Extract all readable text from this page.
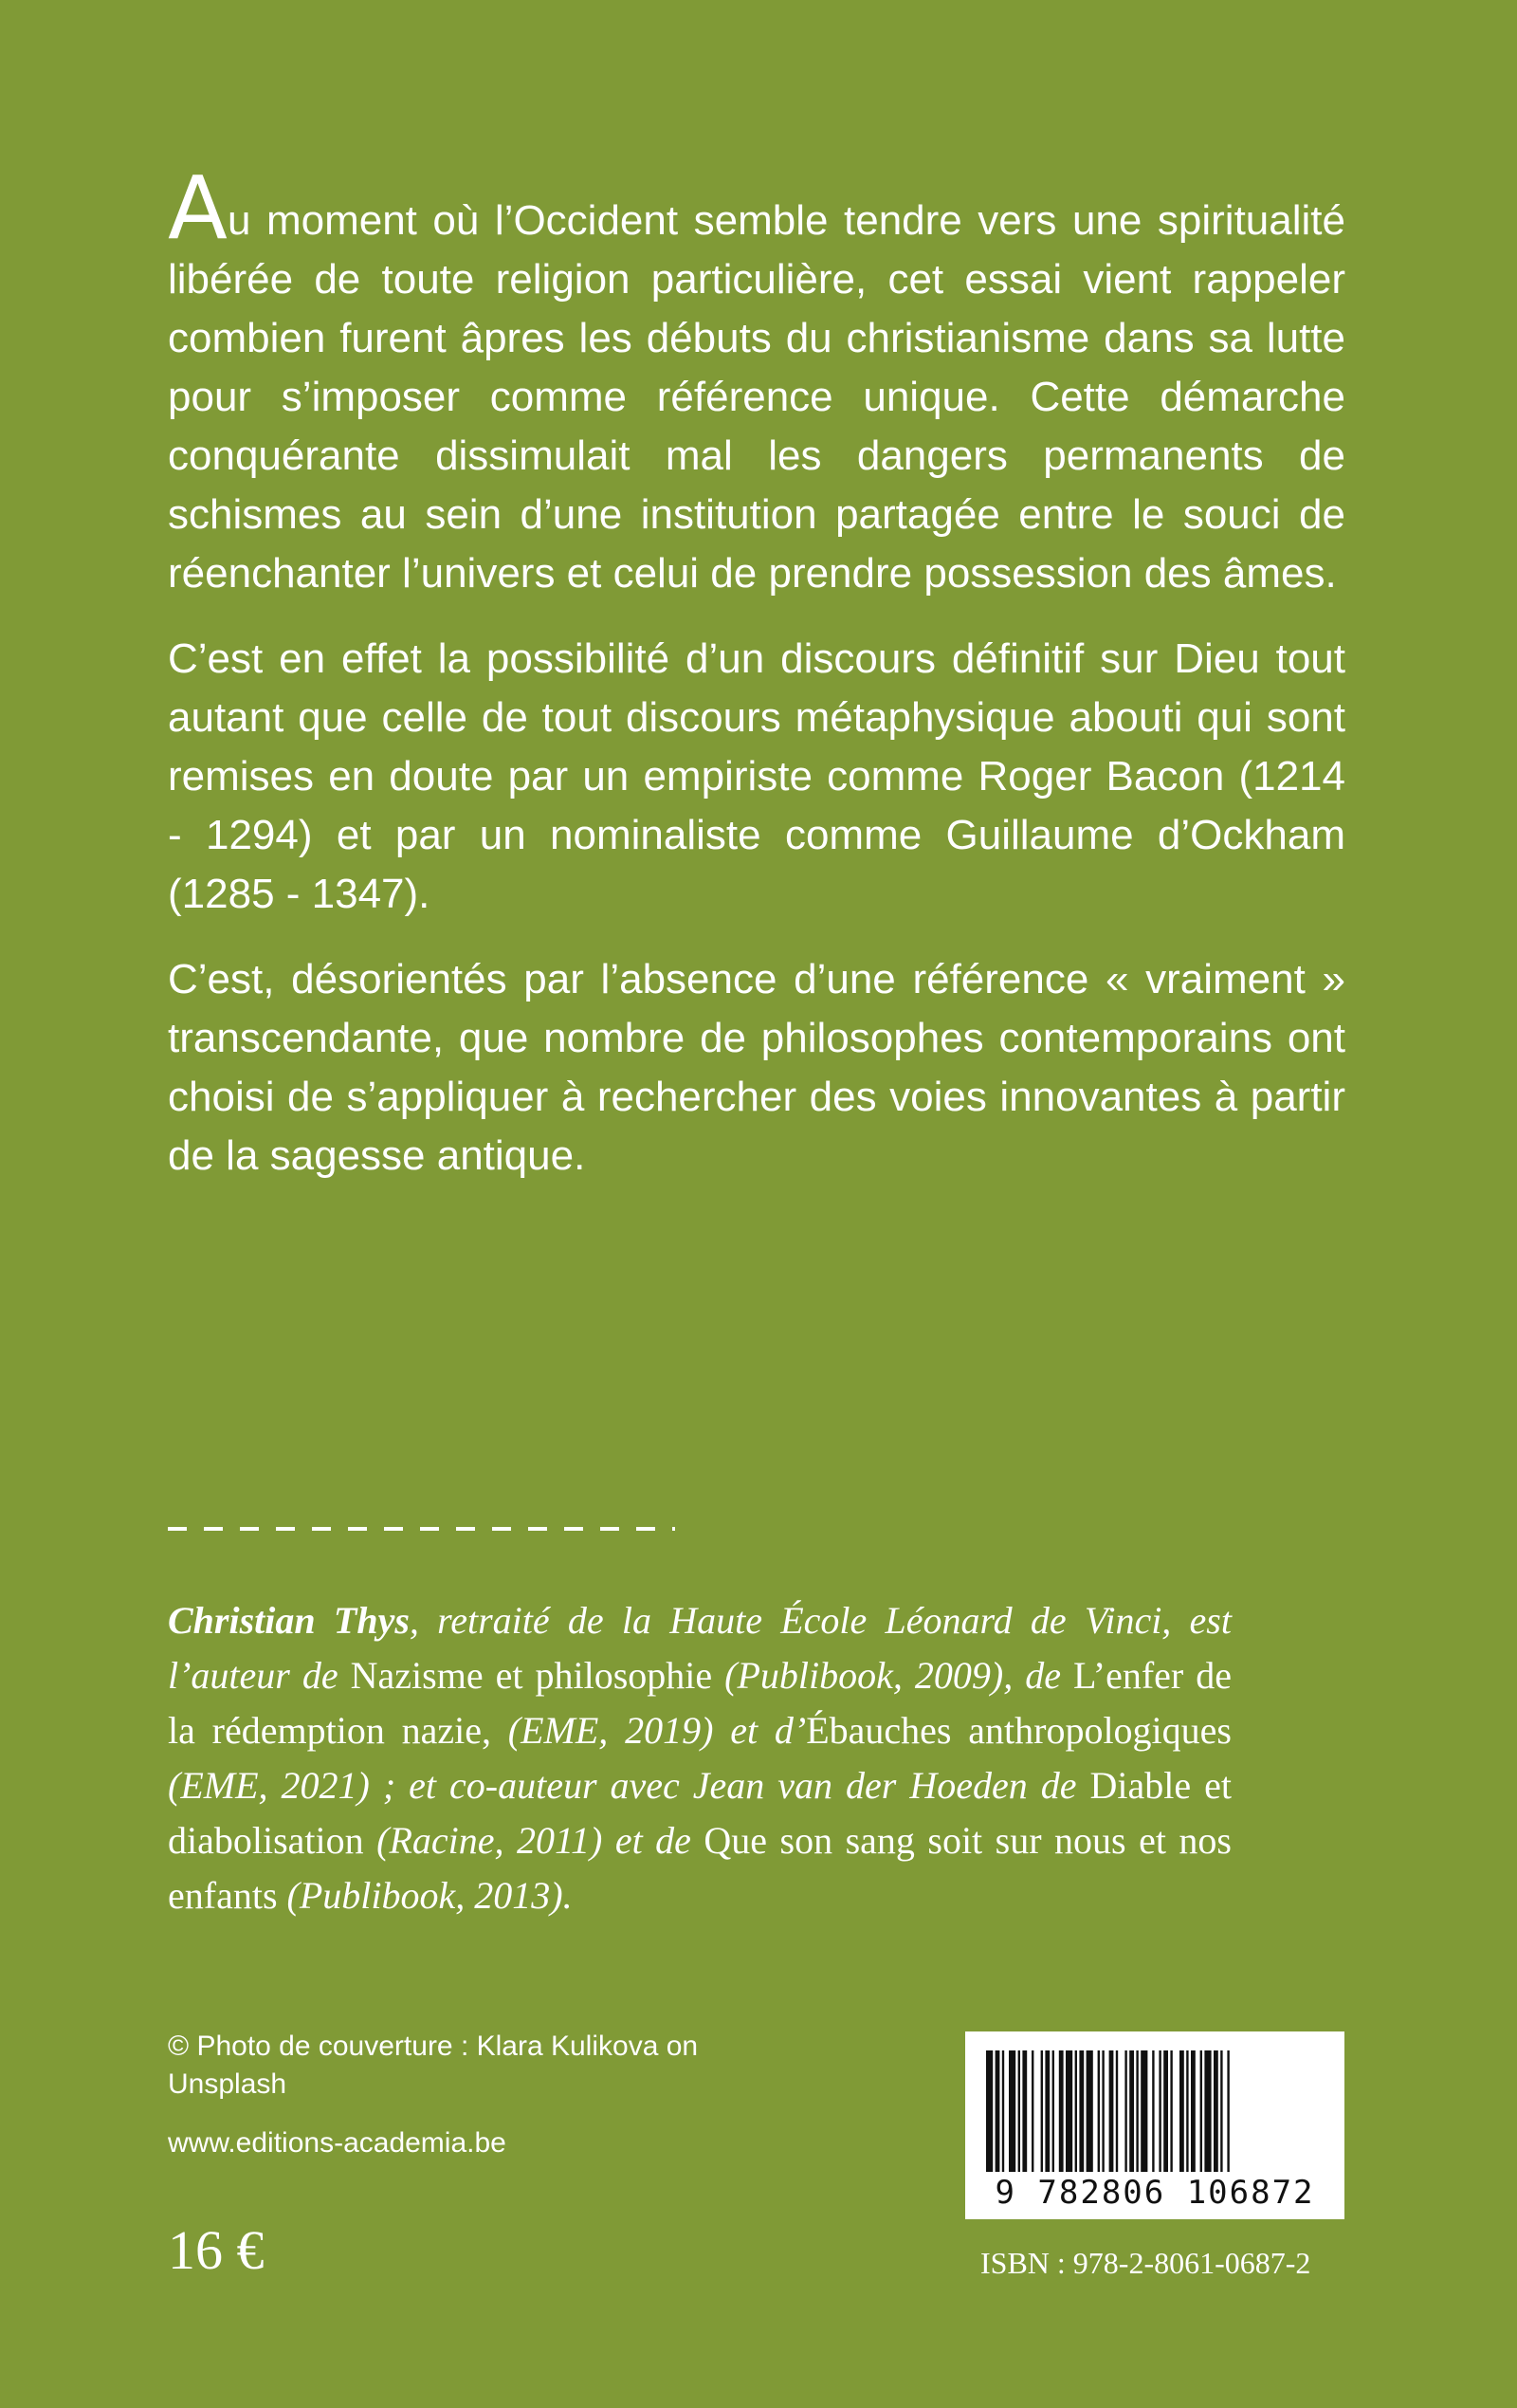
Au moment où l’Occident semble tendre vers une spiritualité libérée de toute religion particulière, cet essai vient rappeler combien furent âpres les débuts du christianisme dans sa lutte pour s’imposer comme référence unique. Cette démarche conquérante dissimulait mal les dangers permanents de schismes au sein d’une institution partagée entre le souci de réenchanter l’univers et celui de prendre possession des âmes.

C’est en effet la possibilité d’un discours définitif sur Dieu tout autant que celle de tout discours métaphysique abouti qui sont remises en doute par un empiriste comme Roger Bacon (1214 - 1294) et par un nominaliste comme Guillaume d’Ockham (1285 - 1347).

C’est, désorientés par l’absence d’une référence « vraiment » transcendante, que nombre de philosophes contemporains ont choisi de s’appliquer à rechercher des voies innovantes à partir de la sagesse antique.

Christian Thys, retraité de la Haute École Léonard de Vinci, est l’auteur de Nazisme et philosophie (Publibook, 2009), de L’enfer de la rédemption nazie, (EME, 2019) et d’Ébauches anthropologiques (EME, 2021) ; et co-auteur avec Jean van der Hoeden de Diable et diabolisation (Racine, 2011) et de Que son sang soit sur nous et nos enfants (Publibook, 2013).
© Photo de couverture : Klara Kulikova on Unsplash
www.editions-academia.be
16 €
9 782806 106872
ISBN : 978-2-8061-0687-2
